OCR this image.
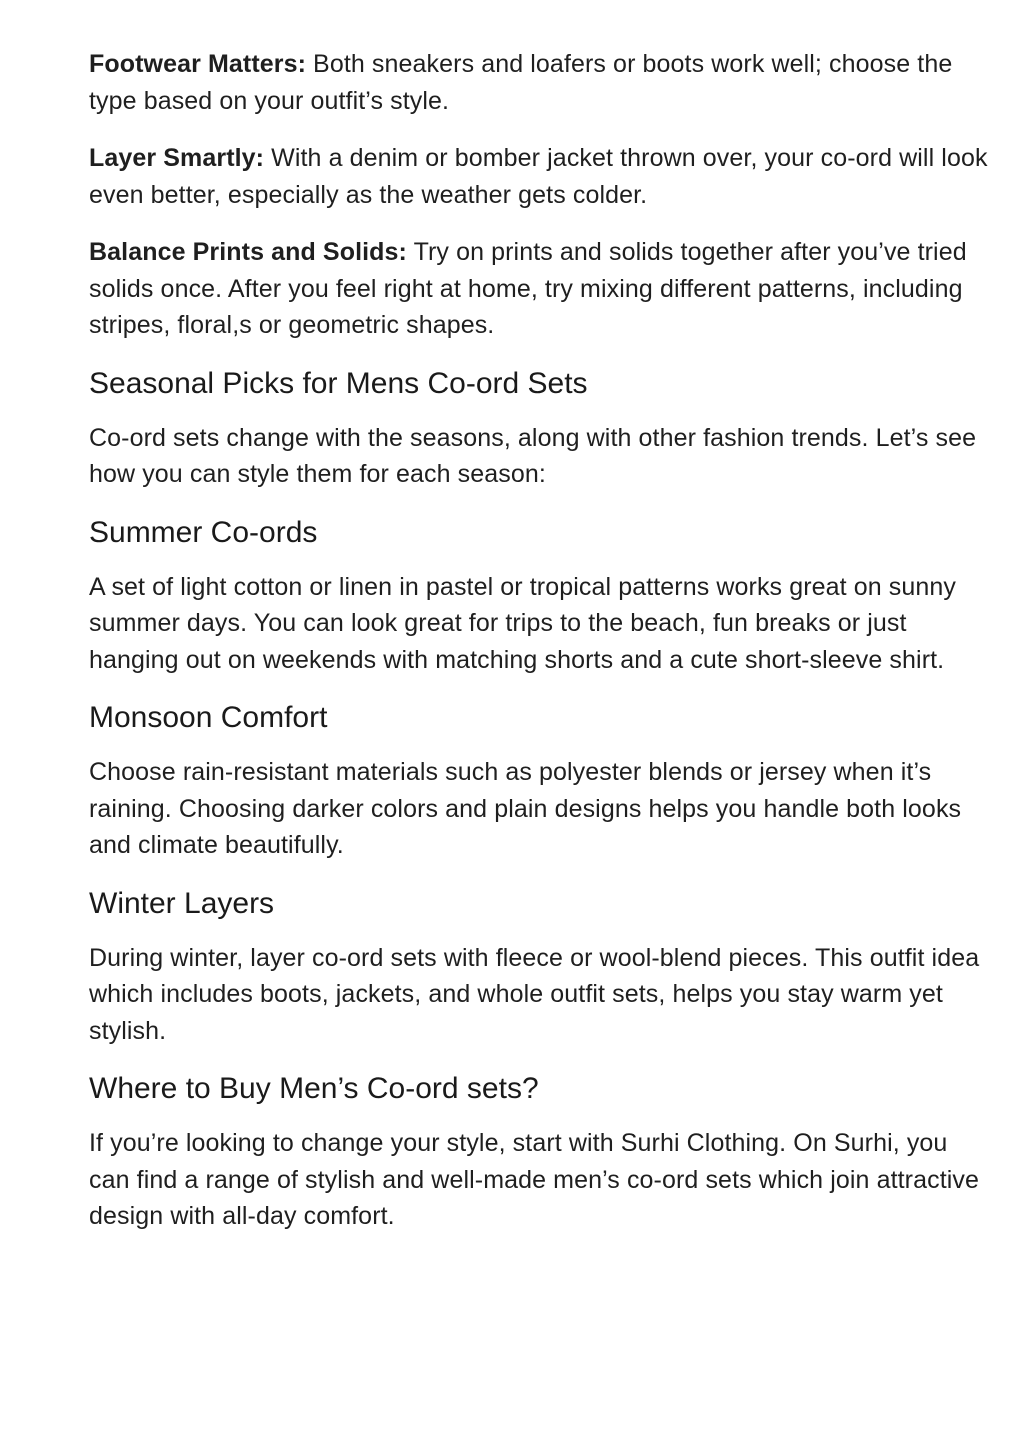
Footwear Matters: Both sneakers and loafers or boots work well; choose the type based on your outfit’s style.

Layer Smartly: With a denim or bomber jacket thrown over, your co-ord will look even better, especially as the weather gets colder.

Balance Prints and Solids: Try on prints and solids together after you’ve tried solids once. After you feel right at home, try mixing different patterns, including stripes, floral,s or geometric shapes.

Seasonal Picks for Mens Co-ord Sets

Co-ord sets change with the seasons, along with other fashion trends. Let’s see how you can style them for each season:

Summer Co-ords

A set of light cotton or linen in pastel or tropical patterns works great on sunny summer days. You can look great for trips to the beach, fun breaks or just hanging out on weekends with matching shorts and a cute short-sleeve shirt.

Monsoon Comfort

Choose rain-resistant materials such as polyester blends or jersey when it’s raining. Choosing darker colors and plain designs helps you handle both looks and climate beautifully.

Winter Layers

During winter, layer co-ord sets with fleece or wool-blend pieces. This outfit idea which includes boots, jackets, and whole outfit sets, helps you stay warm yet stylish.

Where to Buy Men’s Co-ord sets?

If you’re looking to change your style, start with Surhi Clothing. On Surhi, you can find a range of stylish and well-made men’s co-ord sets which join attractive design with all-day comfort.
